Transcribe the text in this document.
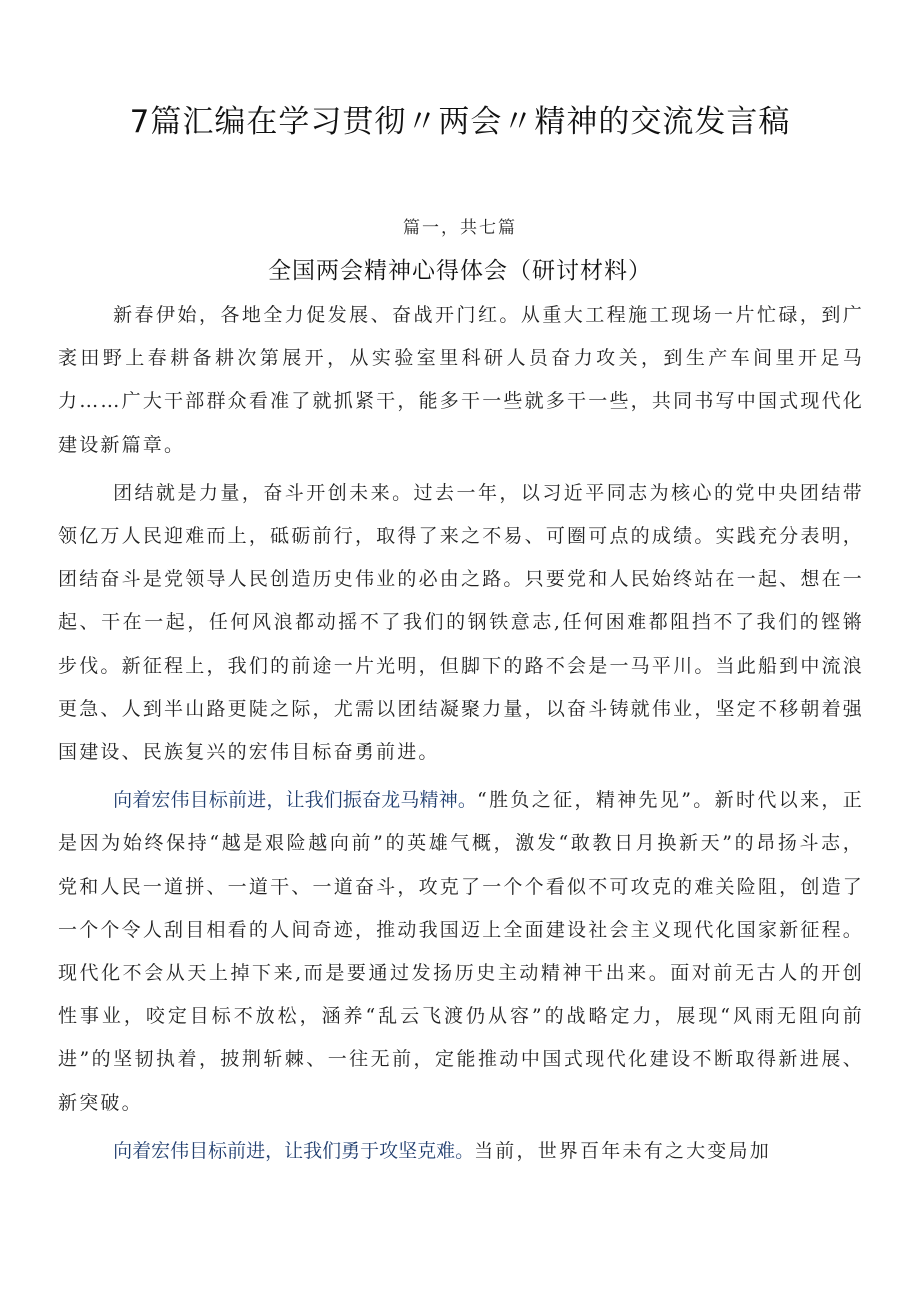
7篇汇编在学习贯彻〃两会〃精神的交流发言稿
篇一，共七篇
全国两会精神心得体会（研讨材料）

新春伊始，各地全力促发展、奋战开门红。从重大工程施工现场一片忙碌，到广袤田野上春耕备耕次第展开，从实验室里科研人员奋力攻关，到生产车间里开足马力……广大干部群众看准了就抓紧干，能多干一些就多干一些，共同书写中国式现代化建设新篇章。

团结就是力量，奋斗开创未来。过去一年，以习近平同志为核心的党中央团结带领亿万人民迎难而上，砥砺前行，取得了来之不易、可圈可点的成绩。实践充分表明，团结奋斗是党领导人民创造历史伟业的必由之路。只要党和人民始终站在一起、想在一起、干在一起，任何风浪都动摇不了我们的钢铁意志,任何困难都阻挡不了我们的铿锵步伐。新征程上，我们的前途一片光明，但脚下的路不会是一马平川。当此船到中流浪更急、人到半山路更陡之际，尤需以团结凝聚力量，以奋斗铸就伟业，坚定不移朝着强国建设、民族复兴的宏伟目标奋勇前进。

向着宏伟目标前进，让我们振奋龙马精神。“胜负之征，精神先见”。新时代以来，正是因为始终保持“越是艰险越向前”的英雄气概，激发“敢教日月换新天”的昂扬斗志，党和人民一道拼、一道干、一道奋斗，攻克了一个个看似不可攻克的难关险阻，创造了一个个令人刮目相看的人间奇迹，推动我国迈上全面建设社会主义现代化国家新征程。现代化不会从天上掉下来,而是要通过发扬历史主动精神干出来。面对前无古人的开创性事业，咬定目标不放松，涵养“乱云飞渡仍从容”的战略定力，展现“风雨无阻向前进”的坚韧执着，披荆斩棘、一往无前，定能推动中国式现代化建设不断取得新进展、新突破。

向着宏伟目标前进，让我们勇于攻坚克难。当前，世界百年未有之大变局加
